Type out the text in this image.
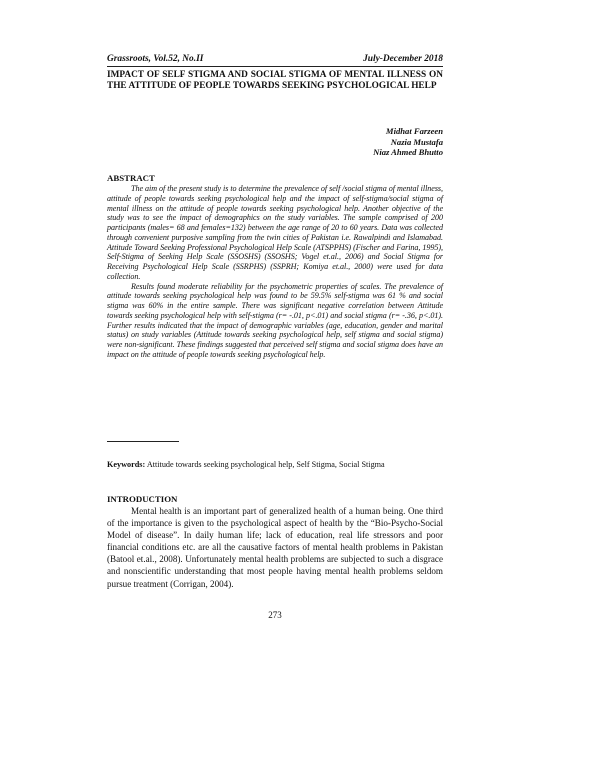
Grassroots, Vol.52, No.II	July-December 2018
IMPACT OF SELF STIGMA AND SOCIAL STIGMA OF MENTAL ILLNESS ON THE ATTITUDE OF PEOPLE TOWARDS SEEKING PSYCHOLOGICAL HELP
Midhat Farzeen
Nazia Mustafa
Niaz Ahmed Bhutto
ABSTRACT

The aim of the present study is to determine the prevalence of self /social stigma of mental illness, attitude of people towards seeking psychological help and the impact of self-stigma/social stigma of mental illness on the attitude of people towards seeking psychological help. Another objective of the study was to see the impact of demographics on the study variables. The sample comprised of 200 participants (males= 68 and females=132) between the age range of 20 to 60 years. Data was collected through convenient purposive sampling from the twin cities of Pakistan i.e. Rawalpindi and Islamabad. Attitude Toward Seeking Professional Psychological Help Scale (ATSPPHS) (Fischer and Farina, 1995), Self-Stigma of Seeking Help Scale (SSOSHS) (SSOSHS; Vogel et.al., 2006) and Social Stigma for Receiving Psychological Help Scale (SSRPHS) (SSPRH; Komiya et.al., 2000) were used for data collection.

Results found moderate reliability for the psychometric properties of scales. The prevalence of attitude towards seeking psychological help was found to be 59.5% self-stigma was 61 % and social stigma was 60% in the entire sample. There was significant negative correlation between Attitude towards seeking psychological help with self-stigma (r= -.01, p<.01) and social stigma (r= -.36, p<.01). Further results indicated that the impact of demographic variables (age, education, gender and marital status) on study variables (Attitude towards seeking psychological help, self stigma and social stigma) were non-significant. These findings suggested that perceived self stigma and social stigma does have an impact on the attitude of people towards seeking psychological help.

Keywords: Attitude towards seeking psychological help, Self Stigma, Social Stigma
INTRODUCTION

Mental health is an important part of generalized health of a human being. One third of the importance is given to the psychological aspect of health by the “Bio-Psycho-Social Model of disease”. In daily human life; lack of education, real life stressors and poor financial conditions etc. are all the causative factors of mental health problems in Pakistan (Batool et.al., 2008). Unfortunately mental health problems are subjected to such a disgrace and nonscientific understanding that most people having mental health problems seldom pursue treatment (Corrigan, 2004).

273
